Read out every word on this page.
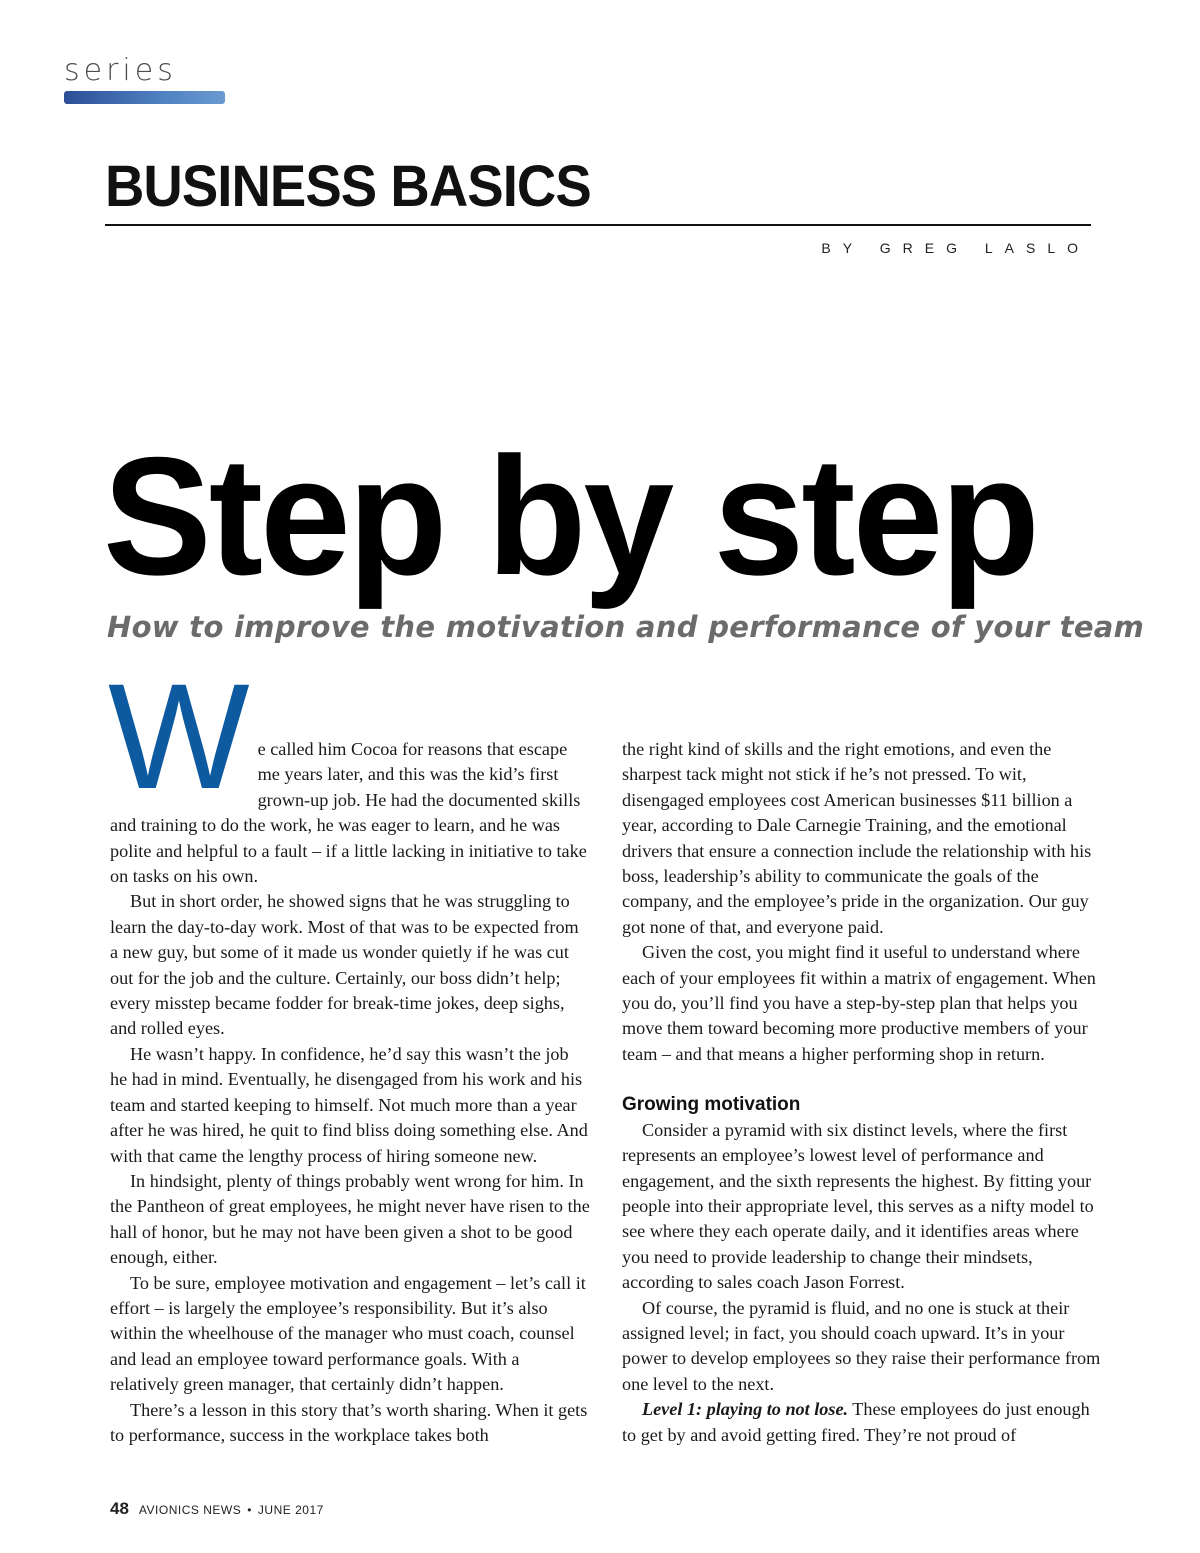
series
BUSINESS BASICS
BY GREG LASLO
Step by step

How to improve the motivation and performance of your team

We called him Cocoa for reasons that escape me years later, and this was the kid’s first grown-up job. He had the documented skills and training to do the work, he was eager to learn, and he was polite and helpful to a fault – if a little lacking in initiative to take on tasks on his own.

But in short order, he showed signs that he was struggling to learn the day-to-day work. Most of that was to be expected from a new guy, but some of it made us wonder quietly if he was cut out for the job and the culture. Certainly, our boss didn’t help; every misstep became fodder for break-time jokes, deep sighs, and rolled eyes.

He wasn’t happy. In confidence, he’d say this wasn’t the job he had in mind. Eventually, he disengaged from his work and his team and started keeping to himself. Not much more than a year after he was hired, he quit to find bliss doing something else. And with that came the lengthy process of hiring someone new.

In hindsight, plenty of things probably went wrong for him. In the Pantheon of great employees, he might never have risen to the hall of honor, but he may not have been given a shot to be good enough, either.

To be sure, employee motivation and engagement – let’s call it effort – is largely the employee’s responsibility. But it’s also within the wheelhouse of the manager who must coach, counsel and lead an employee toward performance goals. With a relatively green manager, that certainly didn’t happen.

There’s a lesson in this story that’s worth sharing. When it gets to performance, success in the workplace takes both

the right kind of skills and the right emotions, and even the sharpest tack might not stick if he’s not pressed. To wit, disengaged employees cost American businesses $11 billion a year, according to Dale Carnegie Training, and the emotional drivers that ensure a connection include the relationship with his boss, leadership’s ability to communicate the goals of the company, and the employee’s pride in the organization. Our guy got none of that, and everyone paid.

Given the cost, you might find it useful to understand where each of your employees fit within a matrix of engagement. When you do, you’ll find you have a step-by-step plan that helps you move them toward becoming more productive members of your team – and that means a higher performing shop in return.

Growing motivation

Consider a pyramid with six distinct levels, where the first represents an employee’s lowest level of performance and engagement, and the sixth represents the highest. By fitting your people into their appropriate level, this serves as a nifty model to see where they each operate daily, and it identifies areas where you need to provide leadership to change their mindsets, according to sales coach Jason Forrest.

Of course, the pyramid is fluid, and no one is stuck at their assigned level; in fact, you should coach upward. It’s in your power to develop employees so they raise their performance from one level to the next.

Level 1: playing to not lose. These employees do just enough to get by and avoid getting fired. They’re not proud of

48 AVIONICS NEWS • JUNE 2017
